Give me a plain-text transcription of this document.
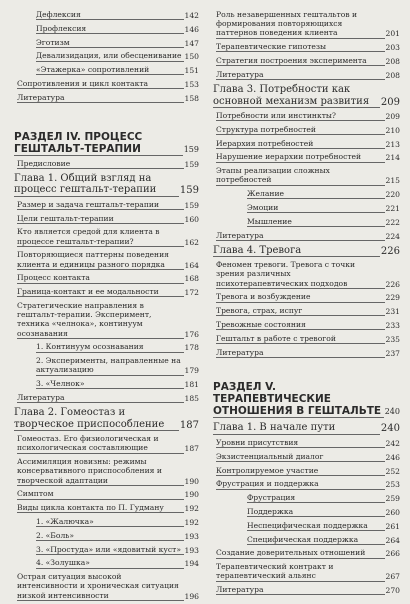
Дефлексия	142
Профлексия	146
Эготизм	147
Девализидация, или обесценивание 150
«Этажерка» сопротивлений	151
Сопротивления и цикл контакта	153
Литература	158
РАЗДЕЛ IV. ПРОЦЕСС ГЕШТАЛЬТ-ТЕРАПИИ	159
Предисловие	159
Глава 1. Общий взгляд на процесс гештальт-терапии	159
Размер и задача гештальт-терапии	159
Цели гештальт-терапии	160
Кто является средой для клиента в процессе гештальт-терапии?	162
Повторяющиеся паттерны поведения клиента и единицы разного порядка	164
Процесс контакта	168
Граница-контакт и ее модальности	172
Стратегические направления в гештальт-терапии. Эксперимент, техника «челнока», континуум осознавания	176
1. Континуум осознавания	178
2. Эксперименты, направленные на актуализацию	179
3. «Челнок»	181
Литература	185
Глава 2. Гомеостаз и творческое приспособление	187
Гомеостаз. Его физиологическая и психологическая составляющие	187
Ассимиляция новизны: режимы консервативного приспособления и творческой адаптации	190
Симптом	190
Виды цикла контакта по П. Гудману	192
1. «Жалючка»	192
2. «Боль»	193
3. «Простуда» или «ядовитый куст» 193
4. «Золушка»	194
Острая ситуация высокой интенсивности и хроническая ситуация низкой интенсивности	196
Роль незавершенных гештальтов и формирования повторяющихся паттернов поведения клиента	201
Терапевтические гипотезы	203
Стратегия построения эксперимента	208
Литература	208
Глава 3. Потребности как основной механизм развития	209
Потребности или инстинкты?	209
Структура потребностей	210
Иерархия потребностей	213
Нарушение иерархии потребностей	214
Этапы реализации сложных потребностей	215
Желание	220
Эмоции	221
Мышление	222
Литература	224
Глава 4. Тревога	226
Феномен тревоги. Тревога с точки зрения различных психотерапевтических подходов	226
Тревога и возбуждение	229
Тревога, страх, испуг	231
Тревожные состояния	233
Гештальт в работе с тревогой	235
Литература	237
РАЗДЕЛ V. ТЕРАПЕВТИЧЕСКИЕ ОТНОШЕНИЯ В ГЕШТАЛЬТЕ 240
Глава 1. В начале пути	240
Уровни присутствия	242
Экзистенциальный диалог	246
Контролируемое участие	252
Фрустрация и поддержка	253
Фрустрация	259
Поддержка	260
Неспецифическая поддержка	261
Специфическая поддержка	264
Создание доверительных отношений	266
Терапевтический контракт и терапевтический альянс	267
Литература	270
